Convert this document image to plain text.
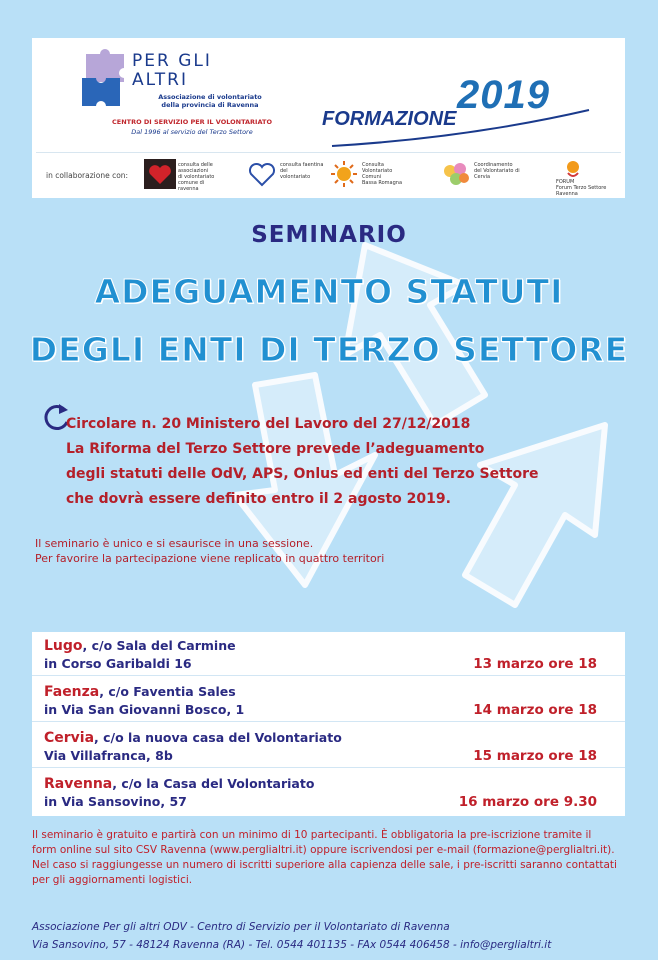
PER GLI
ALTRI
Associazione di volontariato
della provincia di Ravenna
CENTRO DI SERVIZIO PER IL VOLONTARIATO
Dal 1996 al servizio del Terzo Settore
FORMAZIONE
2019
in collaborazione con:
consulta delle
associazioni
di volontariato
comune di
ravenna
consulta faentina
del
volontariato
Consulta
Volontariato
Comuni
Bassa Romagna
Coordinamento
del Volontariato di
Cervia
FORUM
Forum Terzo Settore
Ravenna
SEMINARIO
ADEGUAMENTO STATUTI
DEGLI ENTI DI TERZO SETTORE
Circolare n. 20 Ministero del Lavoro del 27/12/2018
La Riforma del Terzo Settore prevede l’adeguamento
degli statuti delle OdV, APS, Onlus ed enti del Terzo Settore
che dovrà essere definito entro il 2 agosto 2019.
Il seminario è unico e si esaurisce in una sessione.
Per favorire la partecipazione viene replicato in quattro territori
Lugo, c/o Sala del Carmine
in Corso Garibaldi 16	13 marzo ore 18
Faenza, c/o Faventia Sales
in Via San Giovanni Bosco, 1	14 marzo ore 18
Cervia, c/o la nuova casa del Volontariato
Via Villafranca, 8b	15 marzo ore 18
Ravenna, c/o la Casa del Volontariato
in Via Sansovino, 57	16 marzo ore 9.30
Il seminario è gratuito e partirà con un minimo di 10 partecipanti. È obbligatoria la pre-iscrizione tramite il
form online sul sito CSV Ravenna (www.perglialtri.it) oppure iscrivendosi per e-mail (formazione@perglialtri.it).
Nel caso si raggiungesse un numero di iscritti superiore alla capienza delle sale, i pre-iscritti saranno contattati
per gli aggiornamenti logistici.
Associazione Per gli altri ODV - Centro di Servizio per il Volontariato di Ravenna
Via Sansovino, 57 - 48124 Ravenna (RA) - Tel. 0544 401135 - FAx 0544 406458 - info@perglialtri.it
